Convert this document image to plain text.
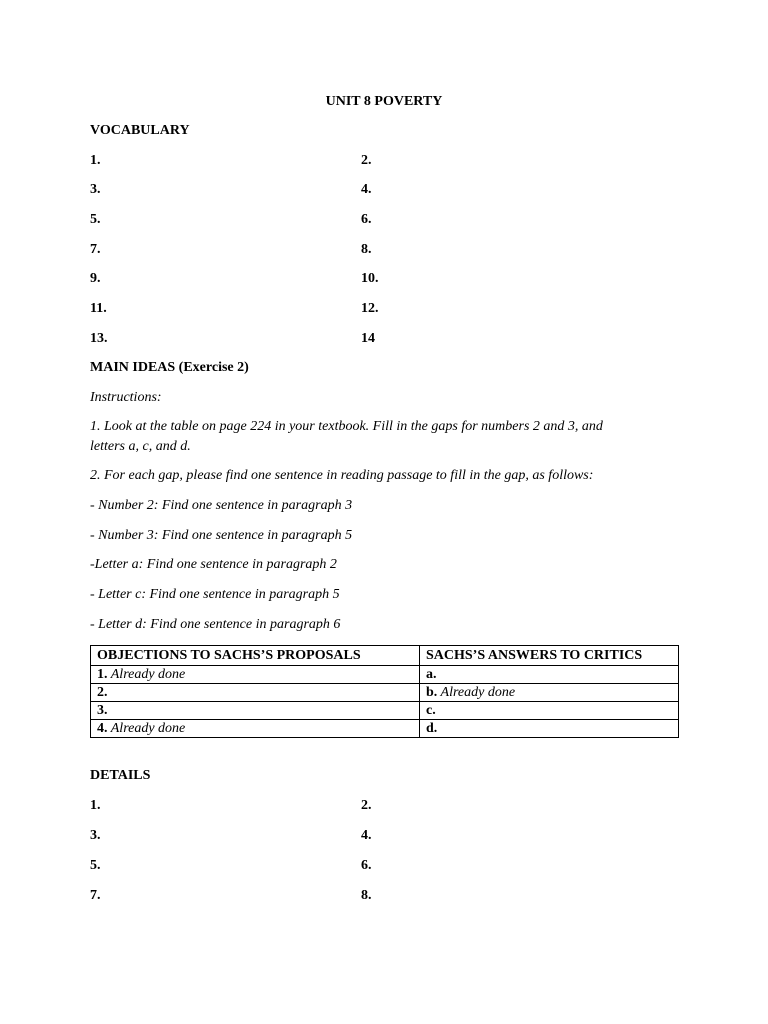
UNIT 8 POVERTY
VOCABULARY
1.	2.
3.	4.
5.	6.
7.	8.
9.	10.
11.	12.
13.	14
MAIN IDEAS (Exercise 2)
Instructions:
1. Look at the table on page 224 in your textbook. Fill in the gaps for numbers 2 and 3, and
letters a, c, and d.
2. For each gap, please find one sentence in reading passage to fill in the gap, as follows:
- Number 2: Find one sentence in paragraph 3
- Number 3: Find one sentence in paragraph 5
-Letter a: Find one sentence in paragraph 2
- Letter c: Find one sentence in paragraph 5
- Letter d: Find one sentence in paragraph 6
OBJECTIONS TO SACHS’S PROPOSALS	SACHS’S ANSWERS TO CRITICS
1. Already done	a.
2.	b. Already done
3.	c.
4. Already done	d.
DETAILS
1.	2.
3.	4.
5.	6.
7.	8.
